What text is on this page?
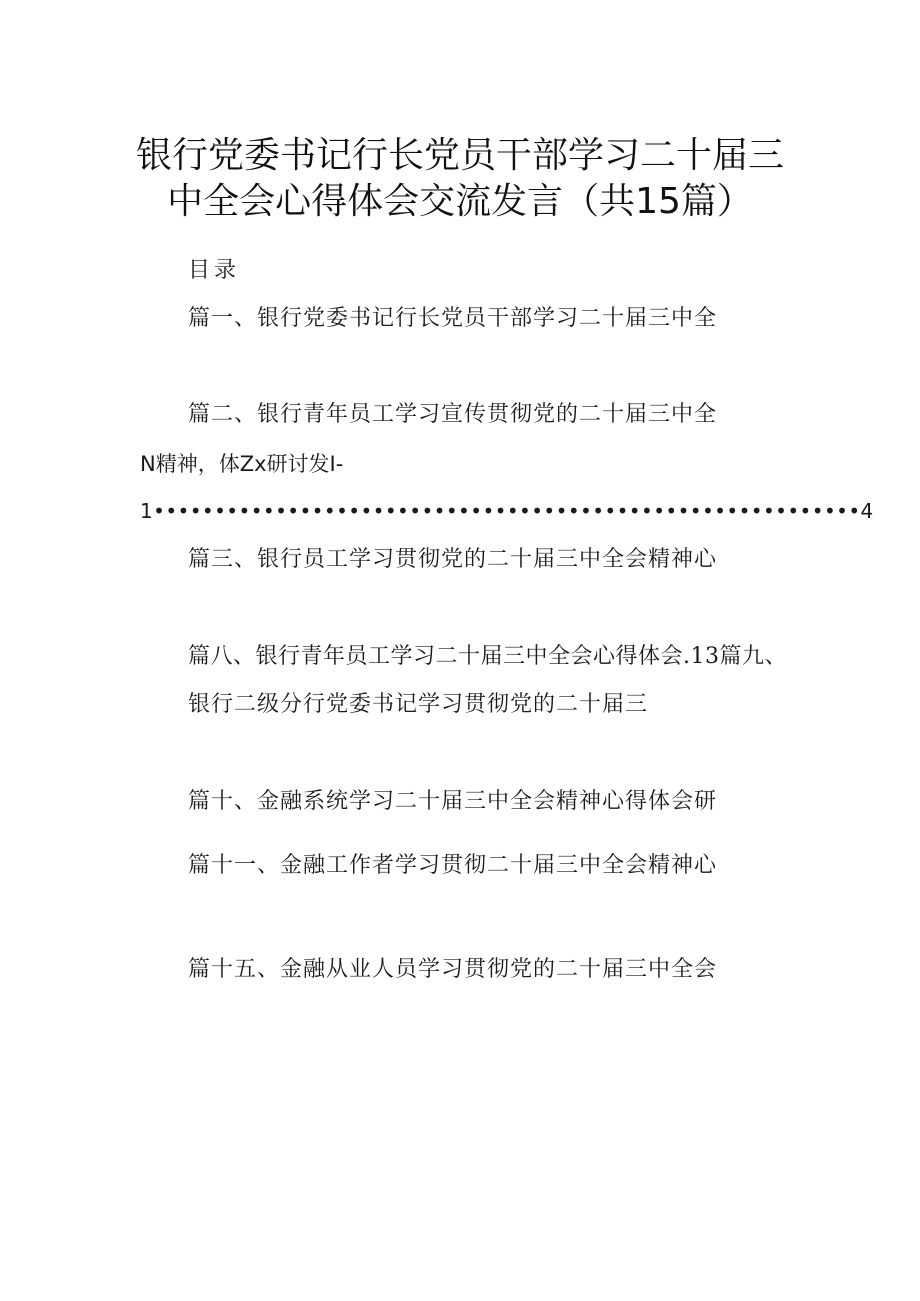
银行党委书记行长党员干部学习二十届三
中全会心得体会交流发言（共15篇）
目录
篇一、银行党委书记行长党员干部学习二十届三中全
篇二、银行青年员工学习宣传贯彻党的二十届三中全
N精神，体Zx研讨发I-
1••••••••••••••••••••••••••••••••••••••••••••••••••••••••••4
篇三、银行员工学习贯彻党的二十届三中全会精神心
篇八、银行青年员工学习二十届三中全会心得体会.13篇九、
银行二级分行党委书记学习贯彻党的二十届三
篇十、金融系统学习二十届三中全会精神心得体会研
篇十一、金融工作者学习贯彻二十届三中全会精神心
篇十五、金融从业人员学习贯彻党的二十届三中全会
